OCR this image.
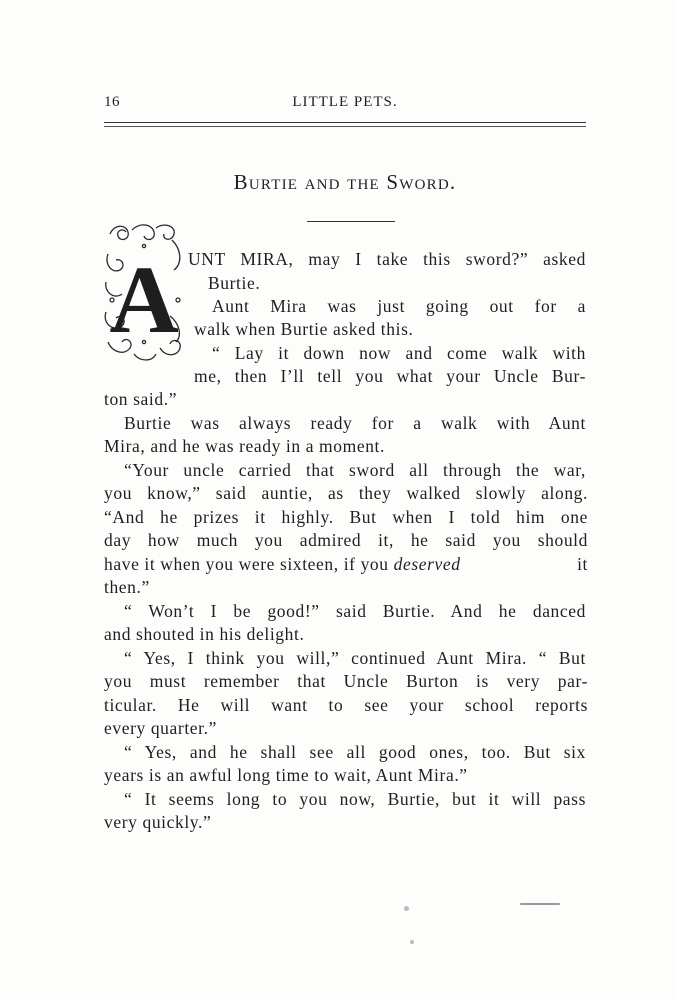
16	LITTLE PETS.
Burtie and the Sword.
A UNT MIRA, may I take this sword?” asked
Burtie.
Aunt Mira was just going out for a
walk when Burtie asked this.
“ Lay it down now and come walk with
me, then I’ll tell you what your Uncle Bur-
ton said.”
Burtie was always ready for a walk with Aunt
Mira, and he was ready in a moment.
“Your uncle carried that sword all through the war,
you know,” said auntie, as they walked slowly along.
“And he prizes it highly. But when I told him one
day how much you admired it, he said you should
have it when you were sixteen, if you deserved	it
then.”
“ Won’t I be good!” said Burtie. And he danced
and shouted in his delight.
“ Yes, I think you will,” continued Aunt Mira. “ But
you must remember that Uncle Burton is very par-
ticular. He will want to see your school reports
every quarter.”
“ Yes, and he shall see all good ones, too. But six
years is an awful long time to wait, Aunt Mira.”
“ It seems long to you now, Burtie, but it will pass
very quickly.”
